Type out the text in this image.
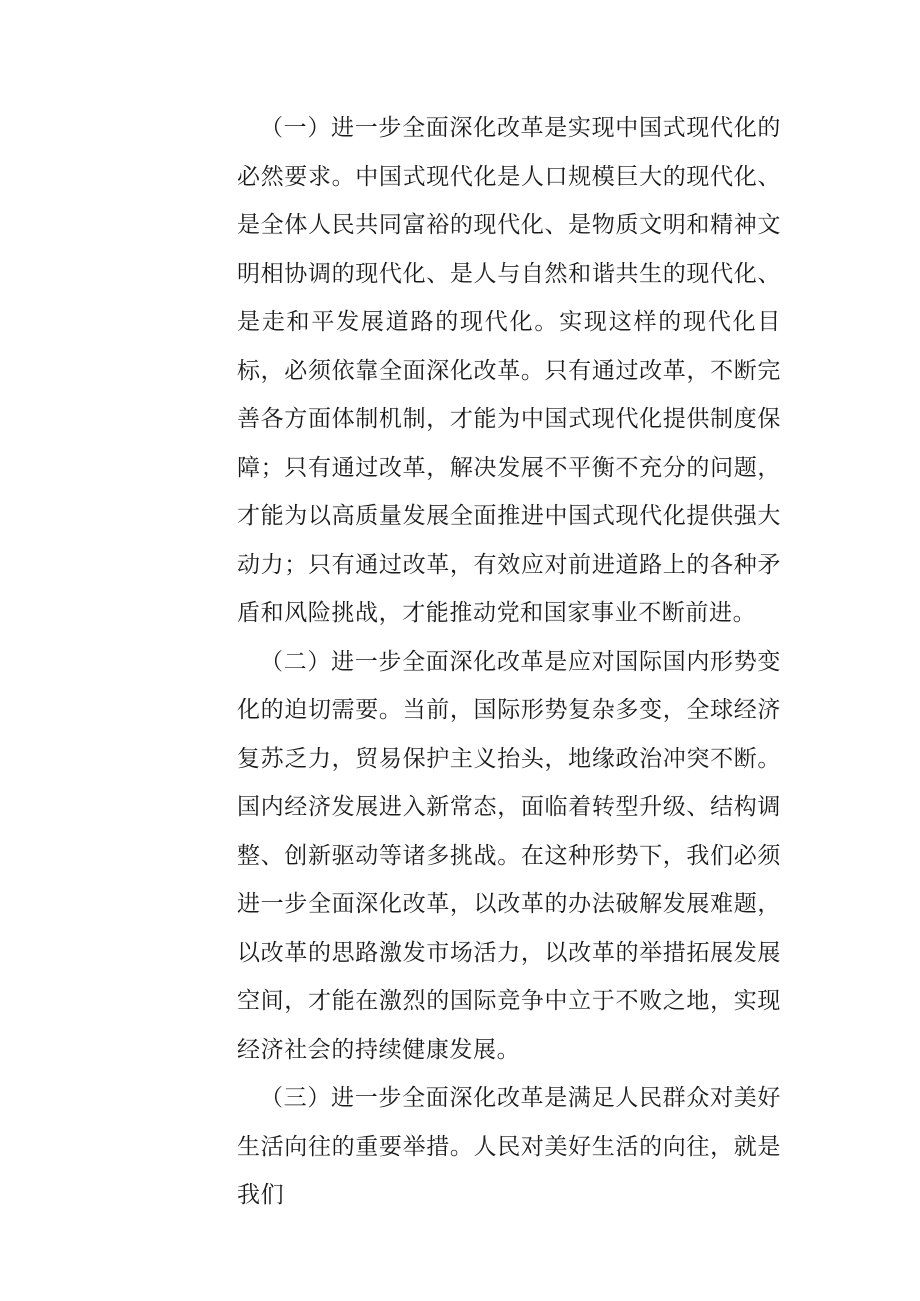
（一）进一步全面深化改革是实现中国式现代化的必然要求。中国式现代化是人口规模巨大的现代化、是全体人民共同富裕的现代化、是物质文明和精神文明相协调的现代化、是人与自然和谐共生的现代化、是走和平发展道路的现代化。实现这样的现代化目标，必须依靠全面深化改革。只有通过改革，不断完善各方面体制机制，才能为中国式现代化提供制度保障；只有通过改革，解决发展不平衡不充分的问题，才能为以高质量发展全面推进中国式现代化提供强大动力；只有通过改革，有效应对前进道路上的各种矛盾和风险挑战，才能推动党和国家事业不断前进。
（二）进一步全面深化改革是应对国际国内形势变化的迫切需要。当前，国际形势复杂多变，全球经济复苏乏力，贸易保护主义抬头，地缘政治冲突不断。国内经济发展进入新常态，面临着转型升级、结构调整、创新驱动等诸多挑战。在这种形势下，我们必须进一步全面深化改革，以改革的办法破解发展难题，以改革的思路激发市场活力，以改革的举措拓展发展空间，才能在激烈的国际竞争中立于不败之地，实现经济社会的持续健康发展。
（三）进一步全面深化改革是满足人民群众对美好生活向往的重要举措。人民对美好生活的向往，就是我们
